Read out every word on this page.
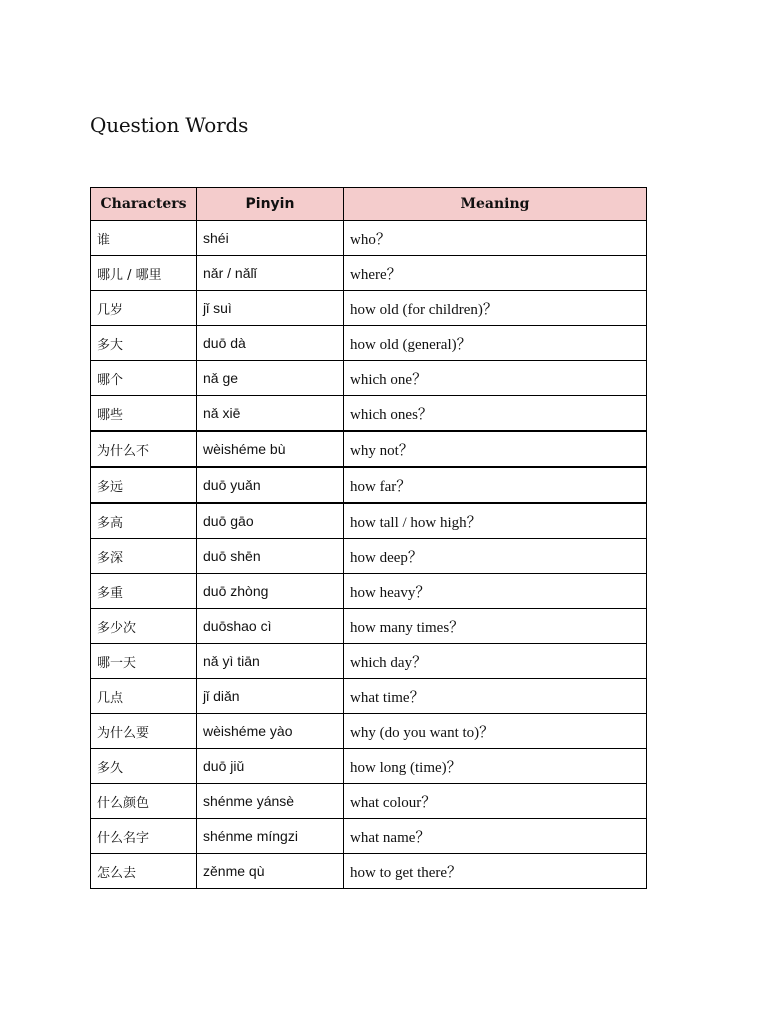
Question Words
Characters	Pinyin	Meaning
谁	shéi	who？
哪儿 / 哪里	nǎr / nǎlǐ	where？
几岁	jǐ suì	how old (for children)？
多大	duō dà	how old (general)？
哪个	nǎ ge	which one？
哪些	nǎ xiē	which ones？
为什么不	wèishéme bù	why not？
多远	duō yuǎn	how far？
多高	duō gāo	how tall / how high？
多深	duō shēn	how deep？
多重	duō zhòng	how heavy？
多少次	duōshao cì	how many times？
哪一天	nǎ yì tiān	which day？
几点	jǐ diǎn	what time？
为什么要	wèishéme yào	why (do you want to)？
多久	duō jiǔ	how long (time)？
什么颜色	shénme yánsè	what colour？
什么名字	shénme míngzi	what name？
怎么去	zěnme qù	how to get there？
